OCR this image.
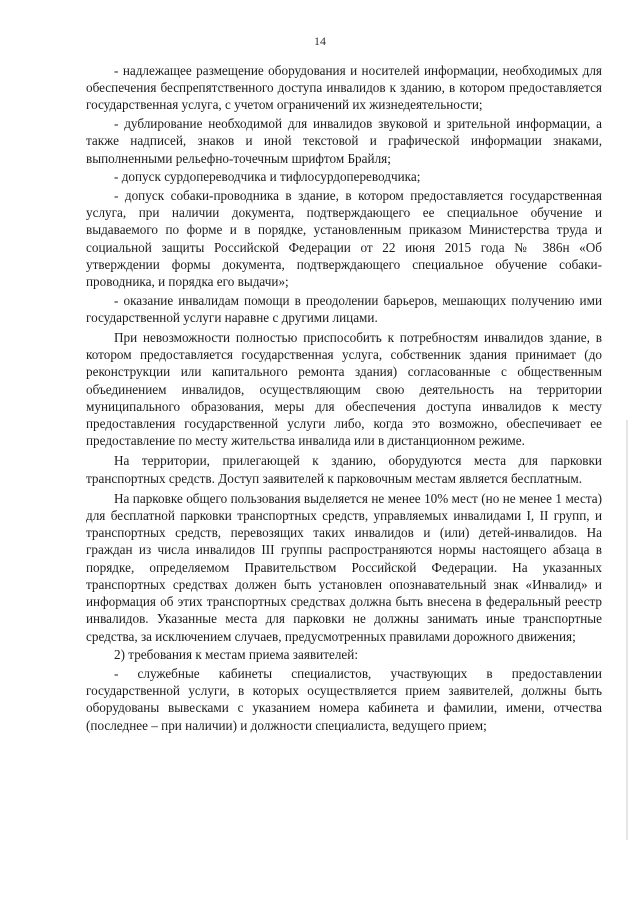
14

- надлежащее размещение оборудования и носителей информации, необходимых для обеспечения беспрепятственного доступа инвалидов к зданию, в котором предоставляется государственная услуга, с учетом ограничений их жизнедеятельности;

- дублирование необходимой для инвалидов звуковой и зрительной информации, а также надписей, знаков и иной текстовой и графической информации знаками, выполненными рельефно-точечным шрифтом Брайля;

- допуск сурдопереводчика и тифлосурдопереводчика;

- допуск собаки-проводника в здание, в котором предоставляется государственная услуга, при наличии документа, подтверждающего ее специальное обучение и выдаваемого по форме и в порядке, установленным приказом Министерства труда и социальной защиты Российской Федерации от 22 июня 2015 года № 386н «Об утверждении формы документа, подтверждающего специальное обучение собаки-проводника, и порядка его выдачи»;

- оказание инвалидам помощи в преодолении барьеров, мешающих получению ими государственной услуги наравне с другими лицами.

При невозможности полностью приспособить к потребностям инвалидов здание, в котором предоставляется государственная услуга, собственник здания принимает (до реконструкции или капитального ремонта здания) согласованные с общественным объединением инвалидов, осуществляющим свою деятельность на территории муниципального образования, меры для обеспечения доступа инвалидов к месту предоставления государственной услуги либо, когда это возможно, обеспечивает ее предоставление по месту жительства инвалида или в дистанционном режиме.

На территории, прилегающей к зданию, оборудуются места для парковки транспортных средств. Доступ заявителей к парковочным местам является бесплатным.

На парковке общего пользования выделяется не менее 10% мест (но не менее 1 места) для бесплатной парковки транспортных средств, управляемых инвалидами I, II групп, и транспортных средств, перевозящих таких инвалидов и (или) детей-инвалидов. На граждан из числа инвалидов III группы распространяются нормы настоящего абзаца в порядке, определяемом Правительством Российской Федерации. На указанных транспортных средствах должен быть установлен опознавательный знак «Инвалид» и информация об этих транспортных средствах должна быть внесена в федеральный реестр инвалидов. Указанные места для парковки не должны занимать иные транспортные средства, за исключением случаев, предусмотренных правилами дорожного движения;

2) требования к местам приема заявителей:

- служебные кабинеты специалистов, участвующих в предоставлении государственной услуги, в которых осуществляется прием заявителей, должны быть оборудованы вывесками с указанием номера кабинета и фамилии, имени, отчества (последнее – при наличии) и должности специалиста, ведущего прием;
